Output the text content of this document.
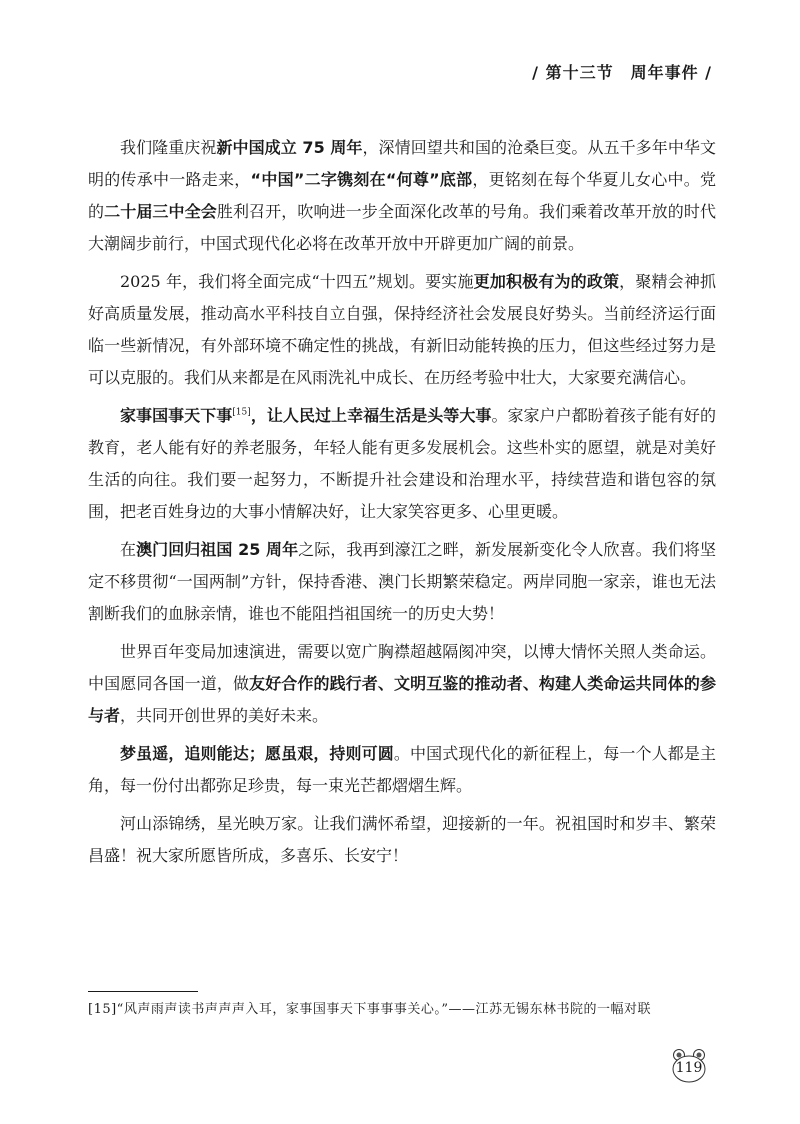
/ 第十三节　周年事件 /

我们隆重庆祝新中国成立 75 周年，深情回望共和国的沧桑巨变。从五千多年中华文明的传承中一路走来，“中国”二字镌刻在“何尊”底部，更铭刻在每个华夏儿女心中。党的二十届三中全会胜利召开，吹响进一步全面深化改革的号角。我们乘着改革开放的时代大潮阔步前行，中国式现代化必将在改革开放中开辟更加广阔的前景。

2025 年，我们将全面完成“十四五”规划。要实施更加积极有为的政策，聚精会神抓好高质量发展，推动高水平科技自立自强，保持经济社会发展良好势头。当前经济运行面临一些新情况，有外部环境不确定性的挑战，有新旧动能转换的压力，但这些经过努力是可以克服的。我们从来都是在风雨洗礼中成长、在历经考验中壮大，大家要充满信心。

家事国事天下事[15]，让人民过上幸福生活是头等大事。家家户户都盼着孩子能有好的教育，老人能有好的养老服务，年轻人能有更多发展机会。这些朴实的愿望，就是对美好生活的向往。我们要一起努力，不断提升社会建设和治理水平，持续营造和谐包容的氛围，把老百姓身边的大事小情解决好，让大家笑容更多、心里更暖。

在澳门回归祖国 25 周年之际，我再到濠江之畔，新发展新变化令人欣喜。我们将坚定不移贯彻“一国两制”方针，保持香港、澳门长期繁荣稳定。两岸同胞一家亲，谁也无法割断我们的血脉亲情，谁也不能阻挡祖国统一的历史大势！

世界百年变局加速演进，需要以宽广胸襟超越隔阂冲突，以博大情怀关照人类命运。中国愿同各国一道，做友好合作的践行者、文明互鉴的推动者、构建人类命运共同体的参与者，共同开创世界的美好未来。

梦虽遥，追则能达；愿虽艰，持则可圆。中国式现代化的新征程上，每一个人都是主角，每一份付出都弥足珍贵，每一束光芒都熠熠生辉。

河山添锦绣，星光映万家。让我们满怀希望，迎接新的一年。祝祖国时和岁丰、繁荣昌盛！祝大家所愿皆所成，多喜乐、长安宁！

[15]“风声雨声读书声声声入耳，家事国事天下事事事关心。”——江苏无锡东林书院的一幅对联
119
